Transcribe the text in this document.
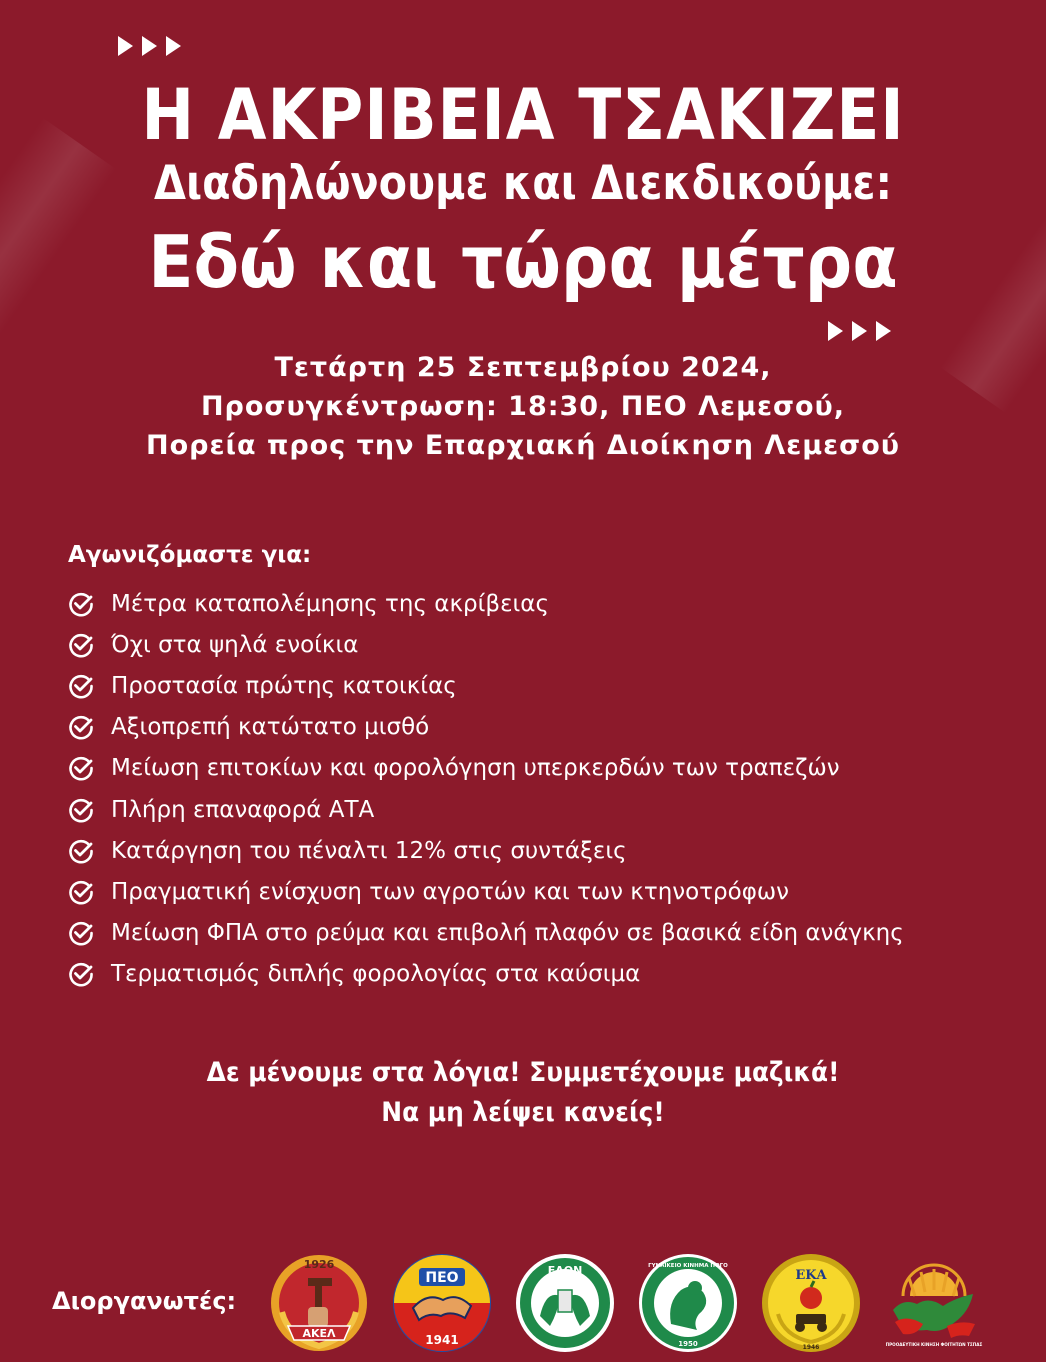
Η ΑΚΡΙΒΕΙΑ ΤΣΑΚΙΖΕΙ
Διαδηλώνουμε και Διεκδικούμε:
Εδώ και τώρα μέτρα
Τετάρτη 25 Σεπτεμβρίου 2024,
Προσυγκέντρωση: 18:30, ΠΕΟ Λεμεσού,
Πορεία προς την Επαρχιακή Διοίκηση Λεμεσού
Αγωνιζόμαστε για:
Μέτρα καταπολέμησης της ακρίβειας
Όχι στα ψηλά ενοίκια
Προστασία πρώτης κατοικίας
Αξιοπρεπή κατώτατο μισθό
Μείωση επιτοκίων και φορολόγηση υπερκερδών των τραπεζών
Πλήρη επαναφορά ΑΤΑ
Κατάργηση του πέναλτι 12% στις συντάξεις
Πραγματική ενίσχυση των αγροτών και των κτηνοτρόφων
Μείωση ΦΠΑ στο ρεύμα και επιβολή πλαφόν σε βασικά είδη ανάγκης
Τερματισμός διπλής φορολογίας στα καύσιμα
Δε μένουμε στα λόγια! Συμμετέχουμε μαζικά!
Να μη λείψει κανείς!
Διοργανωτές:
1926
ΑΚΕΛ
ΠΕΟ
1941
ΕΔΟΝ	ΓΥΝΑΙΚΕΙΟ ΚΙΝΗΜΑ ΠΟΓΟ
1950
ΕΚΑ
1946	ΠΡΟΟΔΕΥΤΙΚΗ ΚΙΝΗΣΗ ΦΟΙΤΗΤΩΝ ΤΣΠΑΣ
